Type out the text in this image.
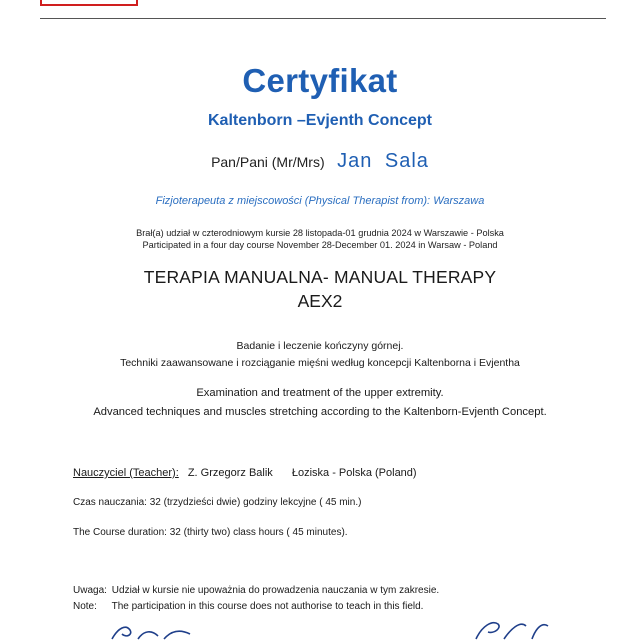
Certyfikat
Kaltenborn –Evjenth Concept
Pan/Pani (Mr/Mrs) Jan Sala
Fizjoterapeuta z miejscowości (Physical Therapist from): Warszawa
Brał(a) udział w czterodniowym kursie 28 listopada-01 grudnia 2024 w Warszawie - Polska
Participated in a four day course November 28-December 01. 2024 in Warsaw - Poland
TERAPIA MANUALNA- MANUAL THERAPY
AEX2
Badanie i leczenie kończyny górnej.
Techniki zaawansowane i rozciąganie mięśni według koncepcji Kaltenborna i Evjentha
Examination and treatment of the upper extremity.
Advanced techniques and muscles stretching according to the Kaltenborn-Evjenth Concept.
Nauczyciel (Teacher): Z. Grzegorz Balik Łoziska - Polska (Poland)
Czas nauczania: 32 (trzydzieści dwie) godziny lekcyjne ( 45 min.)
The Course duration: 32 (thirty two) class hours ( 45 minutes).
Uwaga: Udział w kursie nie upoważnia do prowadzenia nauczania w tym zakresie.
Note: The participation in this course does not authorise to teach in this field.
